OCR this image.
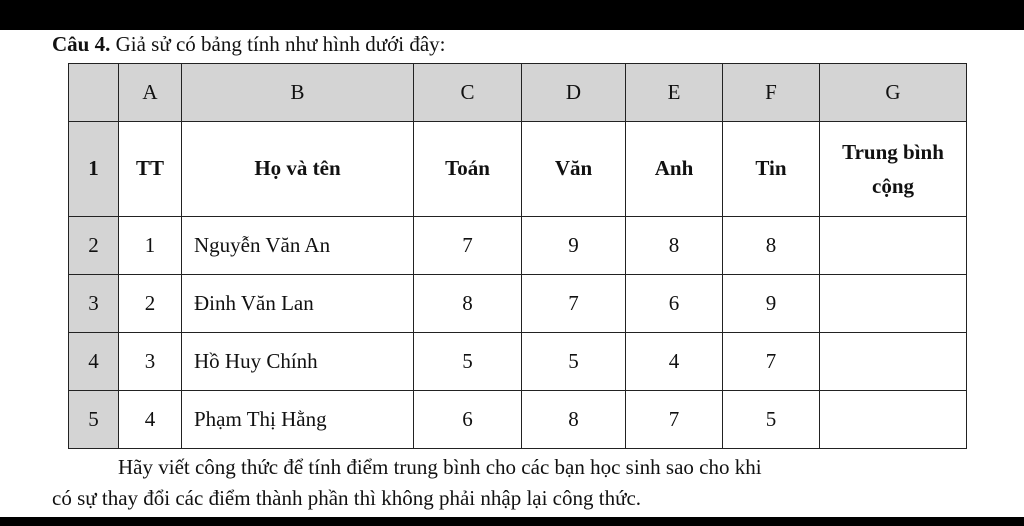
Câu 4. Giả sử có bảng tính như hình dưới đây:
	A	B	C	D	E	F	G
1	TT	Họ và tên	Toán	Văn	Anh	Tin	Trung bình cộng
2	1	Nguyễn Văn An	7	9	8	8	
3	2	Đinh Văn Lan	8	7	6	9	
4	3	Hồ Huy Chính	5	5	4	7	
5	4	Phạm Thị Hằng	6	8	7	5	
Hãy viết công thức để tính điểm trung bình cho các bạn học sinh sao cho khi
có sự thay đổi các điểm thành phần thì không phải nhập lại công thức.
